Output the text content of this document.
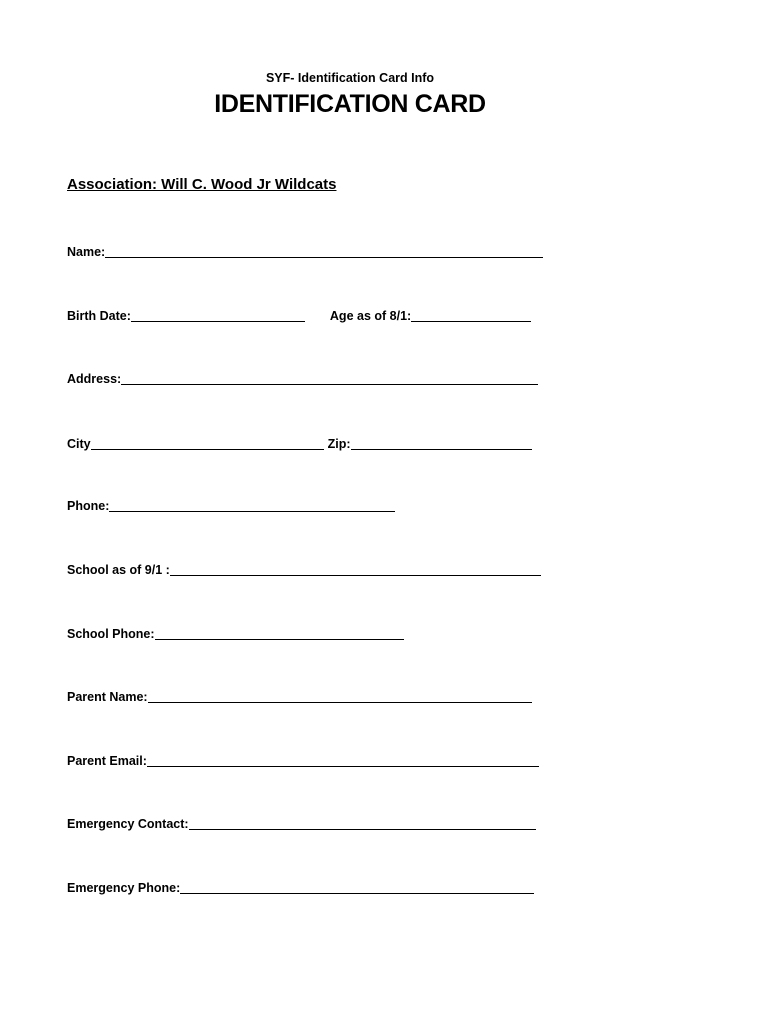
SYF- Identification Card Info
IDENTIFICATION CARD
Association: Will C. Wood Jr Wildcats
Name:
Birth Date:	Age as of 8/1:
Address:
City	Zip:
Phone:
School as of 9/1 :
School Phone:
Parent Name:
Parent Email:
Emergency Contact:
Emergency Phone:
